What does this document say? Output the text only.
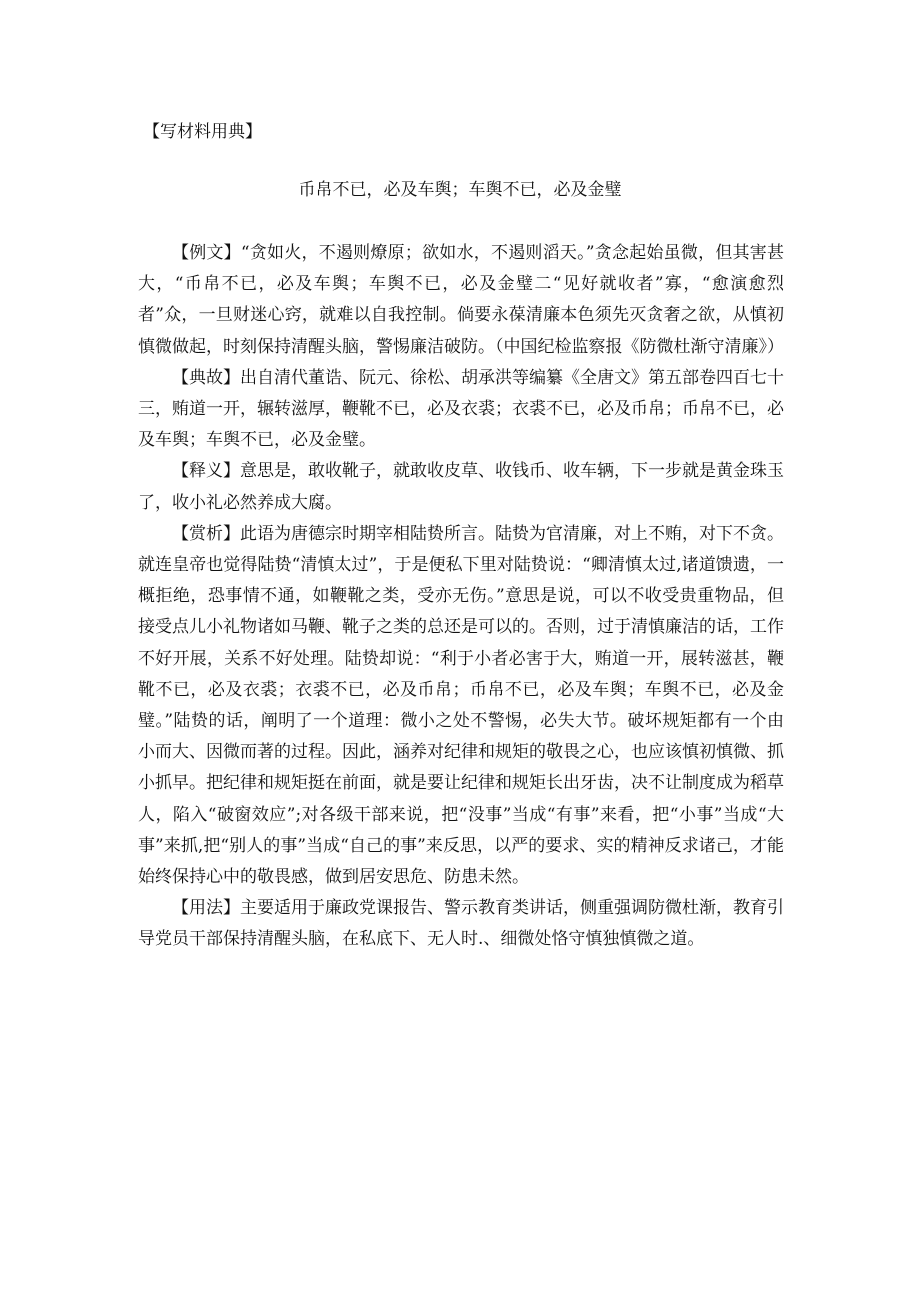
【写材料用典】

币帛不已，必及车舆；车舆不已，必及金璧

【例文】“贪如火，不遏则燎原；欲如水，不遏则滔天。”贪念起始虽微，但其害甚大，“币帛不已，必及车舆；车舆不已，必及金璧二“见好就收者”寡，“愈演愈烈者”众，一旦财迷心窍，就难以自我控制。倘要永葆清廉本色须先灭贪奢之欲，从慎初慎微做起，时刻保持清醒头脑，警惕廉洁破防。（中国纪检监察报《防微杜渐守清廉》）

【典故】出自清代董诰、阮元、徐松、胡承洪等编纂《全唐文》第五部卷四百七十三，贿道一开，辗转滋厚，鞭靴不已，必及衣裘；衣裘不已，必及币帛；币帛不已，必及车舆；车舆不已，必及金璧。

【释义】意思是，敢收靴子，就敢收皮草、收钱币、收车辆，下一步就是黄金珠玉了，收小礼必然养成大腐。

【赏析】此语为唐德宗时期宰相陆贽所言。陆贽为官清廉，对上不贿，对下不贪。就连皇帝也觉得陆贽“清慎太过”，于是便私下里对陆贽说：“卿清慎太过,诸道馈遗，一概拒绝，恐事情不通，如鞭靴之类，受亦无伤。”意思是说，可以不收受贵重物品，但接受点儿小礼物诸如马鞭、靴子之类的总还是可以的。否则，过于清慎廉洁的话，工作不好开展，关系不好处理。陆贽却说：“利于小者必害于大，贿道一开，展转滋甚，鞭靴不已，必及衣裘；衣裘不已，必及币帛；币帛不已，必及车舆；车舆不已，必及金璧。”陆贽的话，阐明了一个道理：微小之处不警惕，必失大节。破坏规矩都有一个由小而大、因微而著的过程。因此，涵养对纪律和规矩的敬畏之心，也应该慎初慎微、抓小抓早。把纪律和规矩挺在前面，就是要让纪律和规矩长出牙齿，决不让制度成为稻草人，陷入“破窗效应”;对各级干部来说，把“没事”当成“有事”来看，把“小事”当成“大事”来抓,把“别人的事”当成“自己的事”来反思，以严的要求、实的精神反求诸己，才能始终保持心中的敬畏感，做到居安思危、防患未然。

【用法】主要适用于廉政党课报告、警示教育类讲话，侧重强调防微杜渐，教育引导党员干部保持清醒头脑，在私底下、无人时.、细微处恪守慎独慎微之道。
